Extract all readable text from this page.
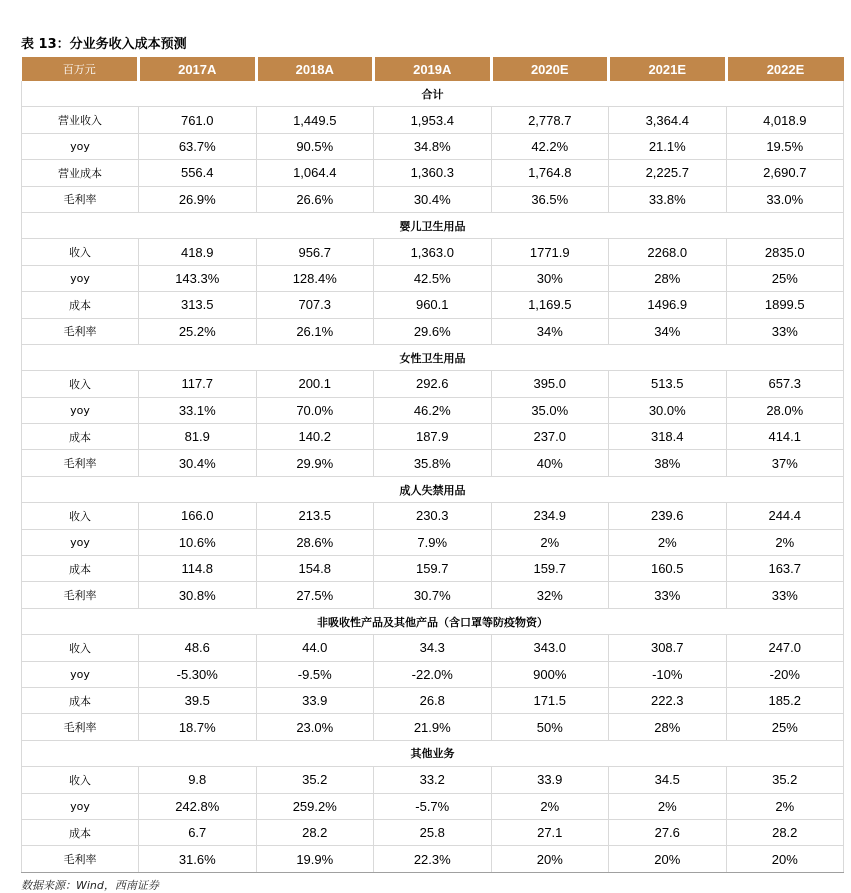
表 13：分业务收入成本预测
百万元	2017A	2018A	2019A	2020E	2021E	2022E
合计						
营业收入	761.0	1,449.5	1,953.4	2,778.7	3,364.4	4,018.9
yoy	63.7%	90.5%	34.8%	42.2%	21.1%	19.5%
营业成本	556.4	1,064.4	1,360.3	1,764.8	2,225.7	2,690.7
毛利率	26.9%	26.6%	30.4%	36.5%	33.8%	33.0%
婴儿卫生用品						
收入	418.9	956.7	1,363.0	1771.9	2268.0	2835.0
yoy	143.3%	128.4%	42.5%	30%	28%	25%
成本	313.5	707.3	960.1	1,169.5	1496.9	1899.5
毛利率	25.2%	26.1%	29.6%	34%	34%	33%
女性卫生用品						
收入	117.7	200.1	292.6	395.0	513.5	657.3
yoy	33.1%	70.0%	46.2%	35.0%	30.0%	28.0%
成本	81.9	140.2	187.9	237.0	318.4	414.1
毛利率	30.4%	29.9%	35.8%	40%	38%	37%
成人失禁用品						
收入	166.0	213.5	230.3	234.9	239.6	244.4
yoy	10.6%	28.6%	7.9%	2%	2%	2%
成本	114.8	154.8	159.7	159.7	160.5	163.7
毛利率	30.8%	27.5%	30.7%	32%	33%	33%
非吸收性产品及其他产品（含口罩等防疫物资）						
收入	48.6	44.0	34.3	343.0	308.7	247.0
yoy	-5.30%	-9.5%	-22.0%	900%	-10%	-20%
成本	39.5	33.9	26.8	171.5	222.3	185.2
毛利率	18.7%	23.0%	21.9%	50%	28%	25%
其他业务						
收入	9.8	35.2	33.2	33.9	34.5	35.2
yoy	242.8%	259.2%	-5.7%	2%	2%	2%
成本	6.7	28.2	25.8	27.1	27.6	28.2
毛利率	31.6%	19.9%	22.3%	20%	20%	20%
数据来源：Wind，西南证券
